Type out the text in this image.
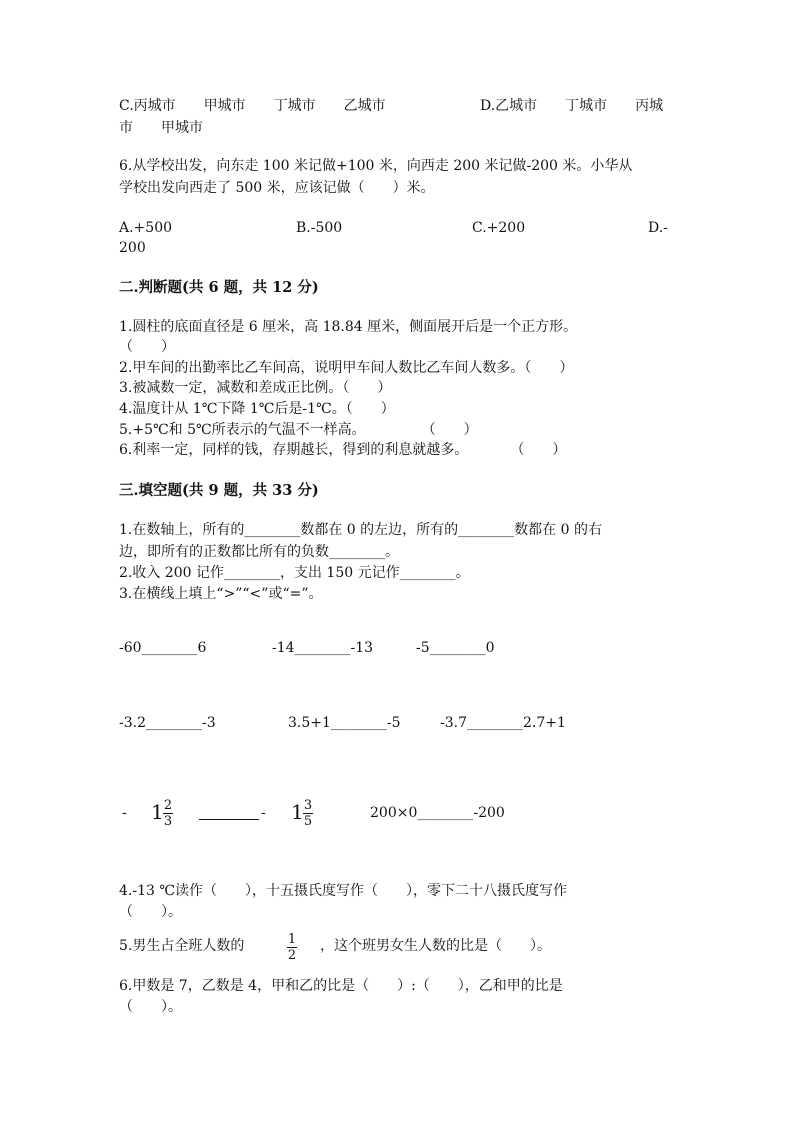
C.丙城市　　甲城市　　丁城市　　乙城市	D.乙城市　　丁城市　　丙城
市　　甲城市
6.从学校出发，向东走 100 米记做+100 米，向西走 200 米记做-200 米。小华从
学校出发向西走了 500 米，应该记做（　　）米。
A.+500	B.-500	C.+200	D.-
200
二.判断题(共 6 题，共 12 分)
1.圆柱的底面直径是 6 厘米，高 18.84 厘米，侧面展开后是一个正方形。
（　　）
2.甲车间的出勤率比乙车间高，说明甲车间人数比乙车间人数多。（　　）
3.被减数一定，减数和差成正比例。（　　）
4.温度计从 1℃下降 1℃后是-1℃。（　　）
5.+5℃和 5℃所表示的气温不一样高。　　　　　（　　）
6.利率一定，同样的钱，存期越长，得到的利息就越多。　　　　（　　）
三.填空题(共 9 题，共 33 分)
1.在数轴上，所有的________数都在 0 的左边，所有的________数都在 0 的右
边，即所有的正数都比所有的负数________。
2.收入 200 记作________，支出 150 元记作________。
3.在横线上填上“>”“<”或“=”。
-60________6	-14________-13	-5________0
-3.2________-3	3.5+1________-5	-3.7________2.7+1
- 1 2
3
- 1 3
5
200×0________-200
4.-13 ℃读作（　　），十五摄氏度写作（　　），零下二十八摄氏度写作
（　　）。
5.男生占全班人数的	1
2
，这个班男女生人数的比是（　　）。
6.甲数是 7，乙数是 4，甲和乙的比是（　　）:（　　），乙和甲的比是
（　　）。
